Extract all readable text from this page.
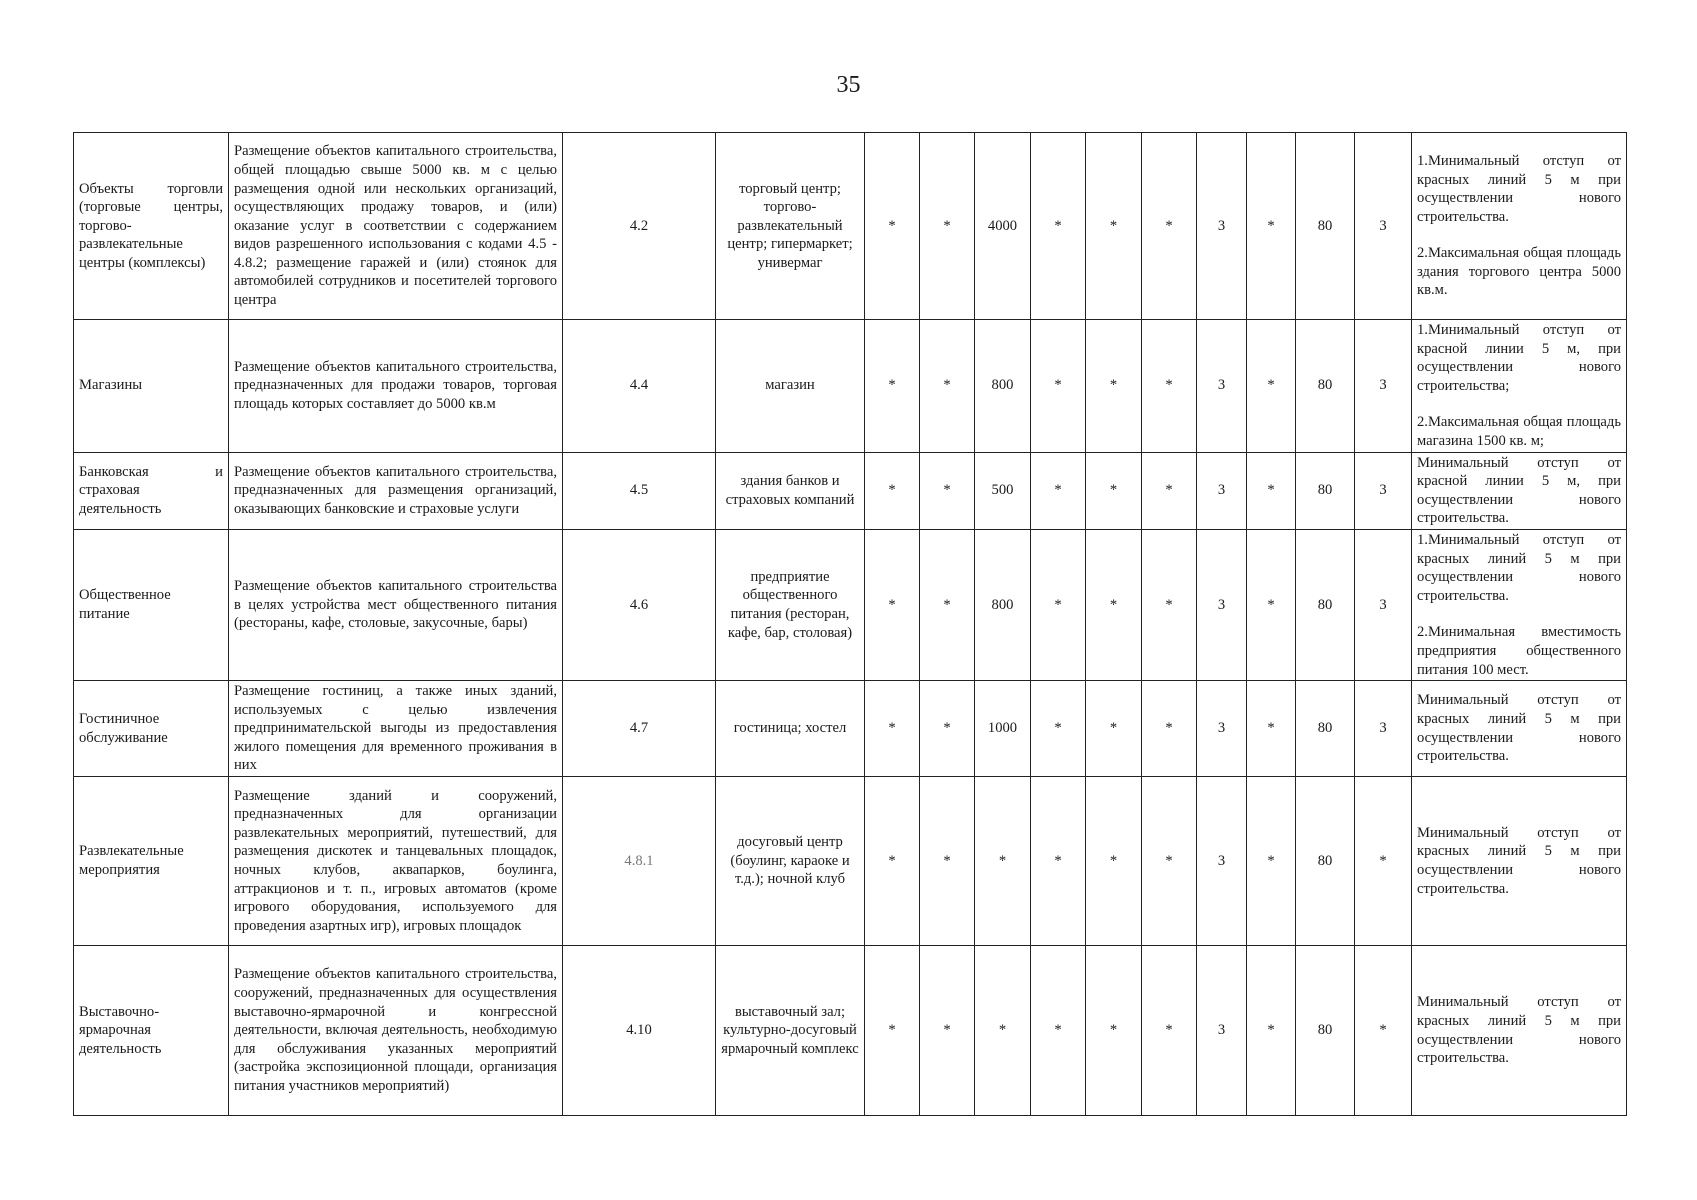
35
Объекты торговли (торговые центры, торгово-развлекательные центры (комплексы)	Размещение объектов капитального строительства, общей площадью свыше 5000 кв. м с целью размещения одной или нескольких организаций, осуществляющих продажу товаров, и (или) оказание услуг в соответствии с содержанием видов разрешенного использования с кодами 4.5 - 4.8.2; размещение гаражей и (или) стоянок для автомобилей сотрудников и посетителей торгового центра	4.2	торговый центр; торгово-развлекательный центр; гипермаркет; универмаг	*	*	4000	*	*	*	3	*	80	3	1.Минимальный отступ от красных линий 5 м при осуществлении нового строительства.
2.Максимальная общая площадь здания торгового центра 5000 кв.м.

Магазины	Размещение объектов капитального строительства, предназначенных для продажи товаров, торговая площадь которых составляет до 5000 кв.м	4.4	магазин	*	*	800	*	*	*	3	*	80	3	1.Минимальный отступ от красной линии 5 м, при осуществлении нового строительства;
2.Максимальная общая площадь магазина 1500 кв. м;

Банковская и страховая деятельность	Размещение объектов капитального строительства, предназначенных для размещения организаций, оказывающих банковские и страховые услуги	4.5	здания банков и страховых компаний	*	*	500	*	*	*	3	*	80	3	Минимальный отступ от красной линии 5 м, при осуществлении нового строительства.

Общественное питание	Размещение объектов капитального строительства в целях устройства мест общественного питания (рестораны, кафе, столовые, закусочные, бары)	4.6	предприятие общественного питания (ресторан, кафе, бар, столовая)	*	*	800	*	*	*	3	*	80	3	1.Минимальный отступ от красных линий 5 м при осуществлении нового строительства.
2.Минимальная вместимость предприятия общественного питания 100 мест.

Гостиничное обслуживание	Размещение гостиниц, а также иных зданий, используемых с целью извлечения предпринимательской выгоды из предоставления жилого помещения для временного проживания в них	4.7	гостиница; хостел	*	*	1000	*	*	*	3	*	80	3	Минимальный отступ от красных линий 5 м при осуществлении нового строительства.

Развлекательные мероприятия	Размещение зданий и сооружений, предназначенных для организации развлекательных мероприятий, путешествий, для размещения дискотек и танцевальных площадок, ночных клубов, аквапарков, боулинга, аттракционов и т. п., игровых автоматов (кроме игрового оборудования, используемого для проведения азартных игр), игровых площадок	4.8.1	досуговый центр (боулинг, караоке и т.д.); ночной клуб	*	*	*	*	*	*	3	*	80	*	Минимальный отступ от красных линий 5 м при осуществлении нового строительства.

Выставочно-ярмарочная деятельность	Размещение объектов капитального строительства, сооружений, предназначенных для осуществления выставочно-ярмарочной и конгрессной деятельности, включая деятельность, необходимую для обслуживания указанных мероприятий (застройка экспозиционной площади, организация питания участников мероприятий)	4.10	выставочный зал; культурно-досуговый ярмарочный комплекс	*	*	*	*	*	*	3	*	80	*	Минимальный отступ от красных линий 5 м при осуществлении нового строительства.
